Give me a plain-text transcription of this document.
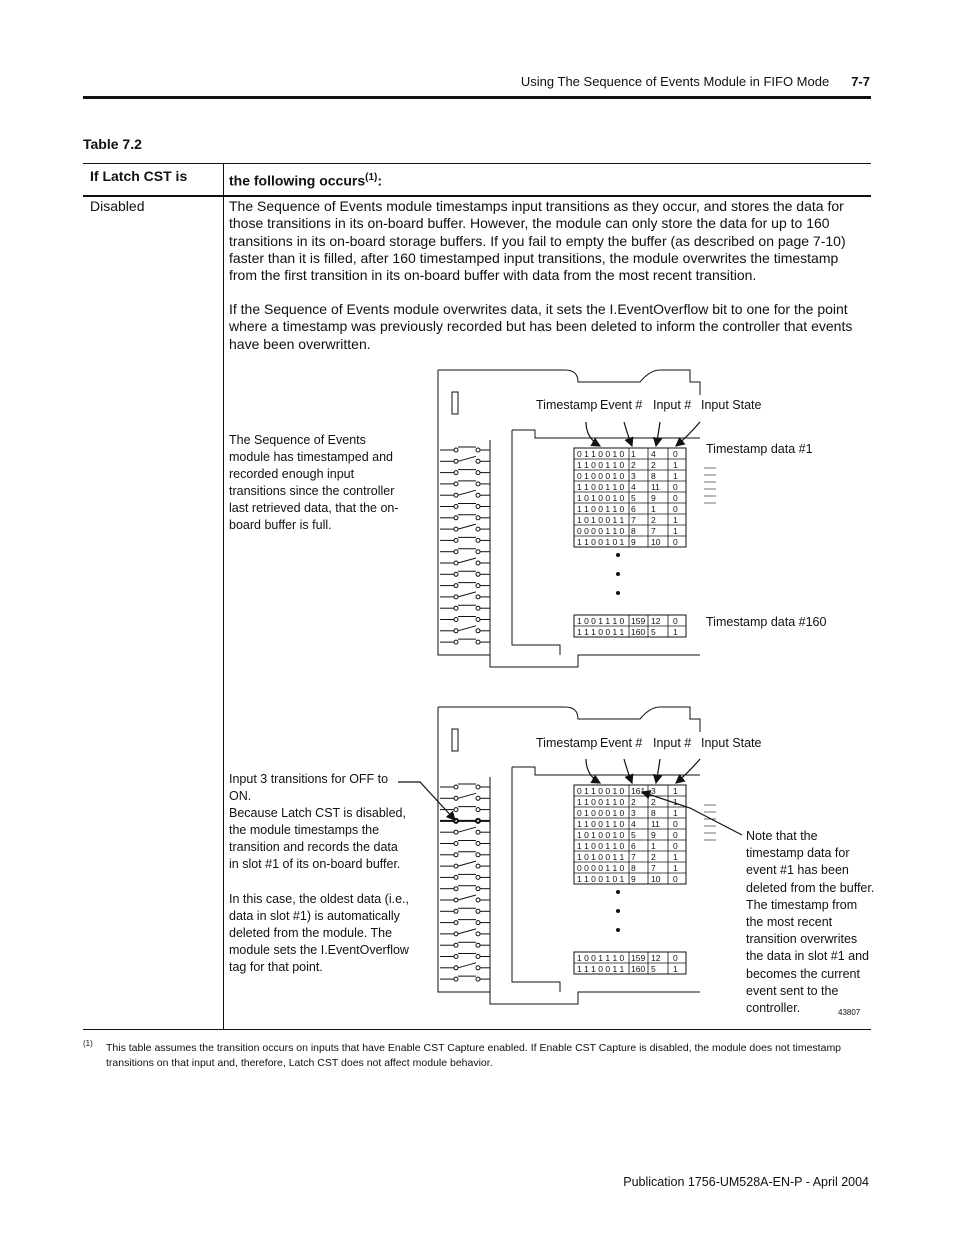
Using The Sequence of Events Module in FIFO Mode 7-7
Table 7.2
If Latch CST is	the following occurs$^{(1)}$:
Disabled	The Sequence of Events module timestamps input transitions as they occur, and stores the data for those transitions in its on-board buffer. However, the module can only store the data for up to 160 transitions in its on-board storage buffers. If you fail to empty the buffer (as described on page 7-10) faster than it is filled, after 160 timestamped input transitions, the module overwrites the timestamp from the first transition in its on-board buffer with data from the most recent transition.
If the Sequence of Events module overwrites data, it sets the I.EventOverflow bit to one for the point where a timestamp was previously recorded but has been deleted to inform the controller that events have been overwritten.
The Sequence of Events module has timestamped and recorded enough input transitions since the controller last retrieved data, that the on-board buffer is full.
Input 3 transitions for OFF to ON.
Because Latch CST is disabled, the module timestamps the transition and records the data in slot #1 of its on-board buffer.
In this case, the oldest data (i.e., data in slot #1) is automatically deleted from the module. The module sets the I.EventOverflow tag for that point.
Note that the timestamp data for event #1 has been deleted from the buffer. The timestamp from the most recent transition overwrites the data in slot #1 and becomes the current event sent to the controller.
Timestamp Event # Input # Input State
Timestamp data #1
Timestamp data #160
Timestamp Event # Input # Input State
43807
0 1 1 0 0 1 0 1 4 0
1 1 0 0 1 1 0 2 2 1
0 1 0 0 0 1 0 3 8 1
1 1 0 0 1 1 0 4 11 0
1 0 1 0 0 1 0 5 9 0
1 1 0 0 1 1 0 6 1 0
1 0 1 0 0 1 1 7 2 1
0 0 0 0 1 1 0 8 7 1
1 1 0 0 1 0 1 9 10 0
1 0 0 1 1 1 0 159 12 0
1 1 1 0 0 1 1 160 5 1
0 1 1 0 0 1 0 161 3 1
1 1 0 0 1 1 0 2 2 1
0 1 0 0 0 1 0 3 8 1
1 1 0 0 1 1 0 4 11 0
1 0 1 0 0 1 0 5 9 0
1 1 0 0 1 1 0 6 1 0
1 0 1 0 0 1 1 7 2 1
0 0 0 0 1 1 0 8 7 1
1 1 0 0 1 0 1 9 10 0
1 0 0 1 1 1 0 159 12 0
1 1 1 0 0 1 1 160 5 1
(1) This table assumes the transition occurs on inputs that have Enable CST Capture enabled. If Enable CST Capture is disabled, the module does not timestamp transitions on that input and, therefore, Latch CST does not affect module behavior.
Publication 1756-UM528A-EN-P - April 2004
